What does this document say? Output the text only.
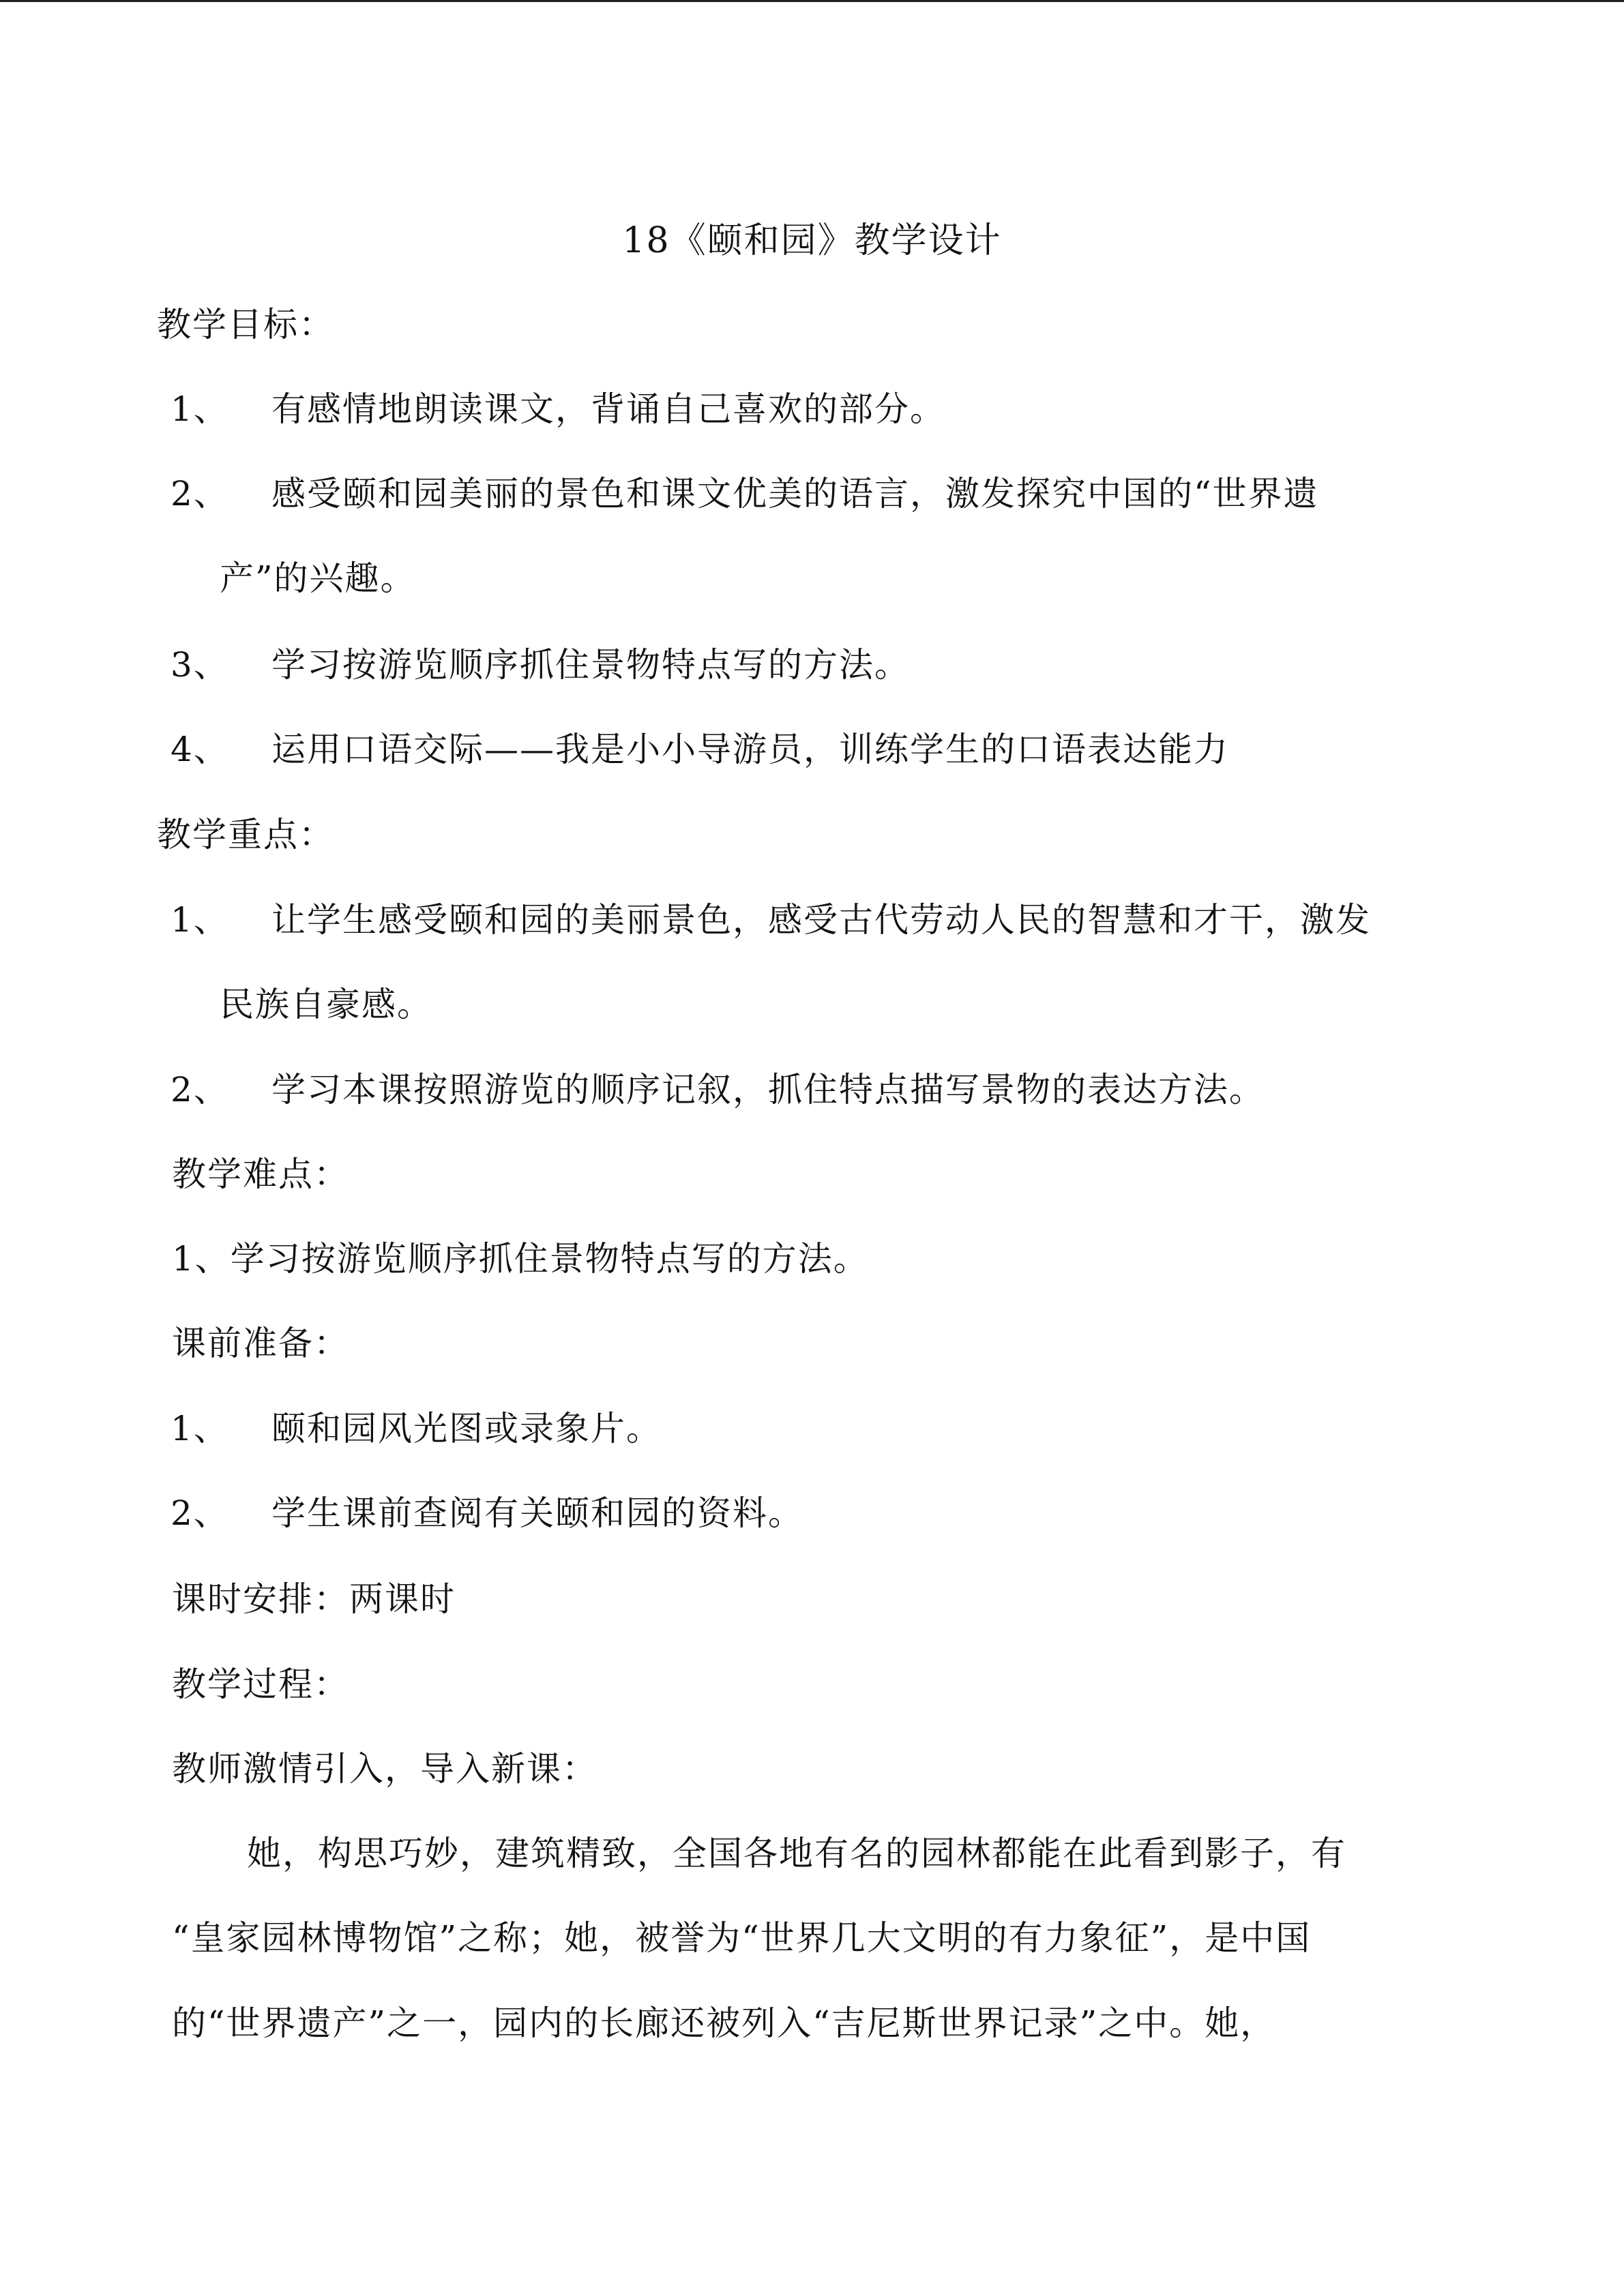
18《颐和园》教学设计
教学目标：
1、 有感情地朗读课文，背诵自己喜欢的部分。
2、 感受颐和园美丽的景色和课文优美的语言，激发探究中国的“世界遗
产”的兴趣。
3、 学习按游览顺序抓住景物特点写的方法。
4、 运用口语交际——我是小小导游员，训练学生的口语表达能力
教学重点：
1、 让学生感受颐和园的美丽景色，感受古代劳动人民的智慧和才干，激发
民族自豪感。
2、 学习本课按照游览的顺序记叙，抓住特点描写景物的表达方法。
教学难点：
1、学习按游览顺序抓住景物特点写的方法。
课前准备：
1、 颐和园风光图或录象片。
2、 学生课前查阅有关颐和园的资料。
课时安排：两课时
教学过程：
教师激情引入，导入新课：
她，构思巧妙，建筑精致，全国各地有名的园林都能在此看到影子，有
“皇家园林博物馆”之称；她，被誉为“世界几大文明的有力象征”，是中国
的“世界遗产”之一，园内的长廊还被列入“吉尼斯世界记录”之中。她，
